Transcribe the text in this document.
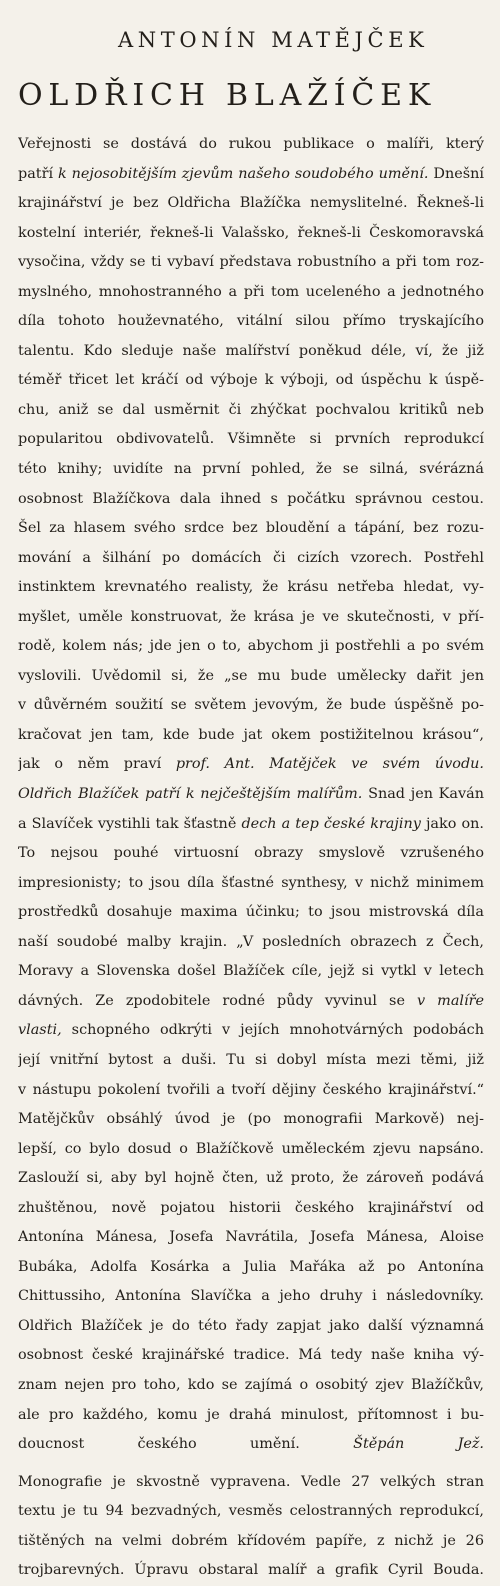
ANTONÍN MATĚJČEK
OLDŘICH BLAŽÍČEK
Veřejnosti se dostává do rukou publikace o malíři, který
patří k nejosobitějším zjevům našeho soudobého umění. Dnešní
krajinářství je bez Oldřicha Blažíčka nemyslitelné. Řekneš-li
kostelní interiér, řekneš-li Valašsko, řekneš-li Českomoravská
vysočina, vždy se ti vybaví představa robustního a při tom roz-
myslného, mnohostranného a při tom uceleného a jednotného
díla tohoto houževnatého, vitální silou přímo tryskajícího
talentu. Kdo sleduje naše malířství poněkud déle, ví, že již
téměř třicet let kráčí od výboje k výboji, od úspěchu k úspě-
chu, aniž se dal usměrnit či zhýčkat pochvalou kritiků neb
popularitou obdivovatelů. Všimněte si prvních reprodukcí
této knihy; uvidíte na první pohled, že se silná, svérázná
osobnost Blažíčkova dala ihned s počátku správnou cestou.
Šel za hlasem svého srdce bez bloudění a tápání, bez rozu-
mování a šilhání po domácích či cizích vzorech. Postřehl
instinktem krevnatého realisty, že krásu netřeba hledat, vy-
myšlet, uměle konstruovat, že krása je ve skutečnosti, v pří-
rodě, kolem nás; jde jen o to, abychom ji postřehli a po svém
vyslovili. Uvědomil si, že „se mu bude umělecky dařit jen
v důvěrném soužití se světem jevovým, že bude úspěšně po-
kračovat jen tam, kde bude jat okem postižitelnou krásou“,
jak o něm praví prof. Ant. Matějček ve svém úvodu.
Oldřich Blažíček patří k nejčeštějším malířům. Snad jen Kaván
a Slavíček vystihli tak šťastně dech a tep české krajiny jako on.
To nejsou pouhé virtuosní obrazy smyslově vzrušeného
impresionisty; to jsou díla šťastné synthesy, v nichž minimem
prostředků dosahuje maxima účinku; to jsou mistrovská díla
naší soudobé malby krajin. „V posledních obrazech z Čech,
Moravy a Slovenska došel Blažíček cíle, jejž si vytkl v letech
dávných. Ze zpodobitele rodné půdy vyvinul se v malíře
vlasti, schopného odkrýti v jejích mnohotvárných podobách
její vnitřní bytost a duši. Tu si dobyl místa mezi těmi, již
v nástupu pokolení tvořili a tvoří dějiny českého krajinářství.“
Matějčkův obsáhlý úvod je (po monografii Markově) nej-
lepší, co bylo dosud o Blažíčkově uměleckém zjevu napsáno.
Zaslouží si, aby byl hojně čten, už proto, že zároveň podává
zhuštěnou, nově pojatou historii českého krajinářství od
Antonína Mánesa, Josefa Navrátila, Josefa Mánesa, Aloise
Bubáka, Adolfa Kosárka a Julia Mařáka až po Antonína
Chittussiho, Antonína Slavíčka a jeho druhy i následovníky.
Oldřich Blažíček je do této řady zapjat jako další významná
osobnost české krajinářské tradice. Má tedy naše kniha vý-
znam nejen pro toho, kdo se zajímá o osobitý zjev Blažíčkův,
ale pro každého, komu je drahá minulost, přítomnost i bu-
doucnost českého umění.	Štěpán Jež.
Monografie je skvostně vypravena. Vedle 27 velkých stran
textu je tu 94 bezvadných, vesměs celostranných reprodukcí,
tištěných na velmi dobrém křídovém papíře, z nichž je 26
trojbarevných. Úpravu obstaral malíř a grafik Cyril Bouda.
